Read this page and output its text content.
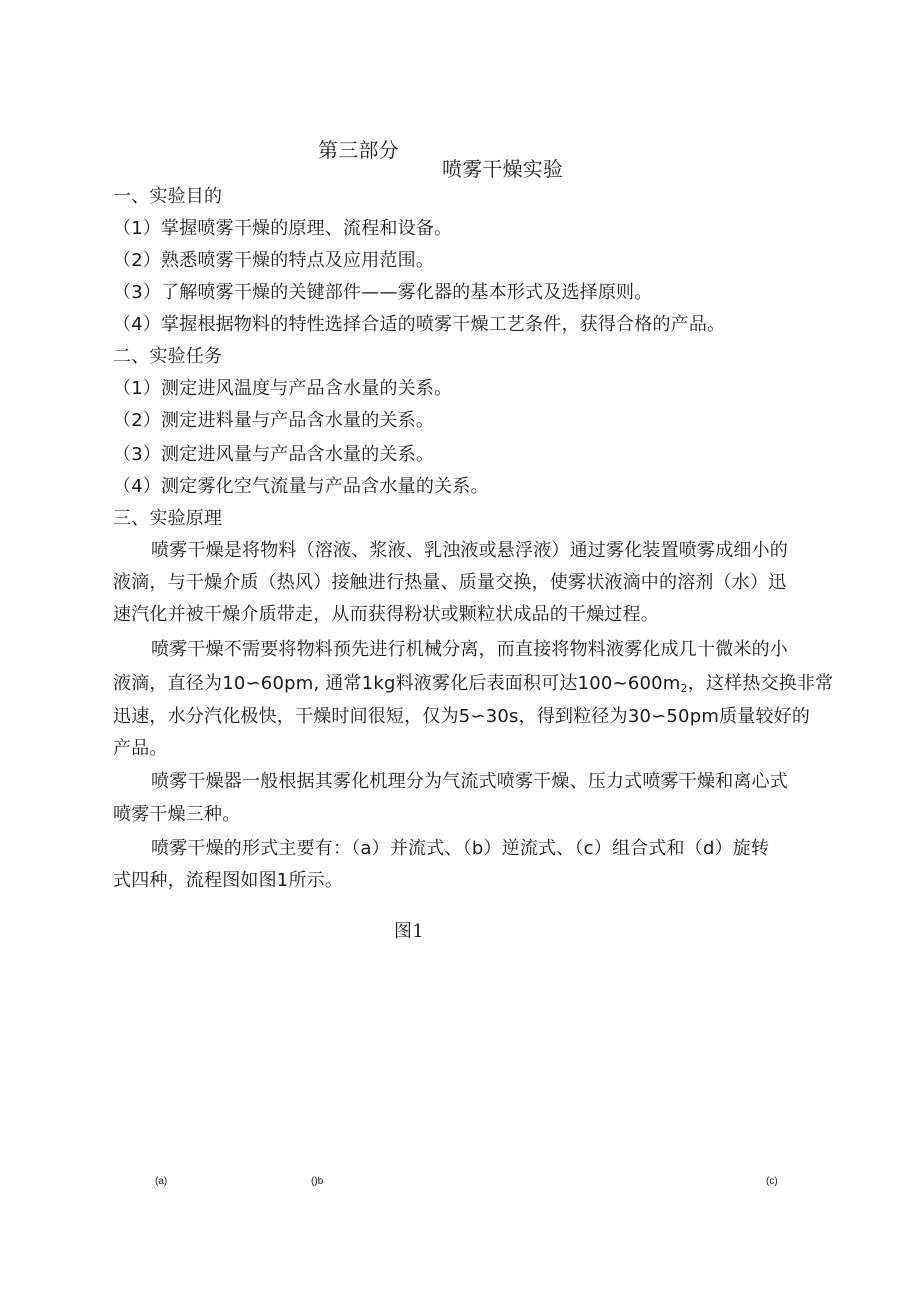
第三部分
喷雾干燥实验
一、实验目的
（1）掌握喷雾干燥的原理、流程和设备。
（2）熟悉喷雾干燥的特点及应用范围。
（3）了解喷雾干燥的关键部件——雾化器的基本形式及选择原则。
（4）掌握根据物料的特性选择合适的喷雾干燥工艺条件，获得合格的产品。
二、实验任务
（1）测定进风温度与产品含水量的关系。
（2）测定进料量与产品含水量的关系。
（3）测定进风量与产品含水量的关系。
（4）测定雾化空气流量与产品含水量的关系。
三、实验原理
喷雾干燥是将物料（溶液、浆液、乳浊液或悬浮液）通过雾化装置喷雾成细小的
液滴，与干燥介质（热风）接触进行热量、质量交换，使雾状液滴中的溶剂（水）迅
速汽化并被干燥介质带走，从而获得粉状或颗粒状成品的干燥过程。
喷雾干燥不需要将物料预先进行机械分离，而直接将物料液雾化成几十微米的小
液滴，直径为10∽60pm, 通常1kg料液雾化后表面积可达100~600m2，这样热交换非常
迅速，水分汽化极快，干燥时间很短，仅为5∽30s，得到粒径为30∽50pm质量较好的
产品。
喷雾干燥器一般根据其雾化机理分为气流式喷雾干燥、压力式喷雾干燥和离心式
喷雾干燥三种。
喷雾干燥的形式主要有：（a）并流式、（b）逆流式、（c）组合式和（d）旋转
式四种，流程图如图1所示。
图1
(a)	()b	(c)
